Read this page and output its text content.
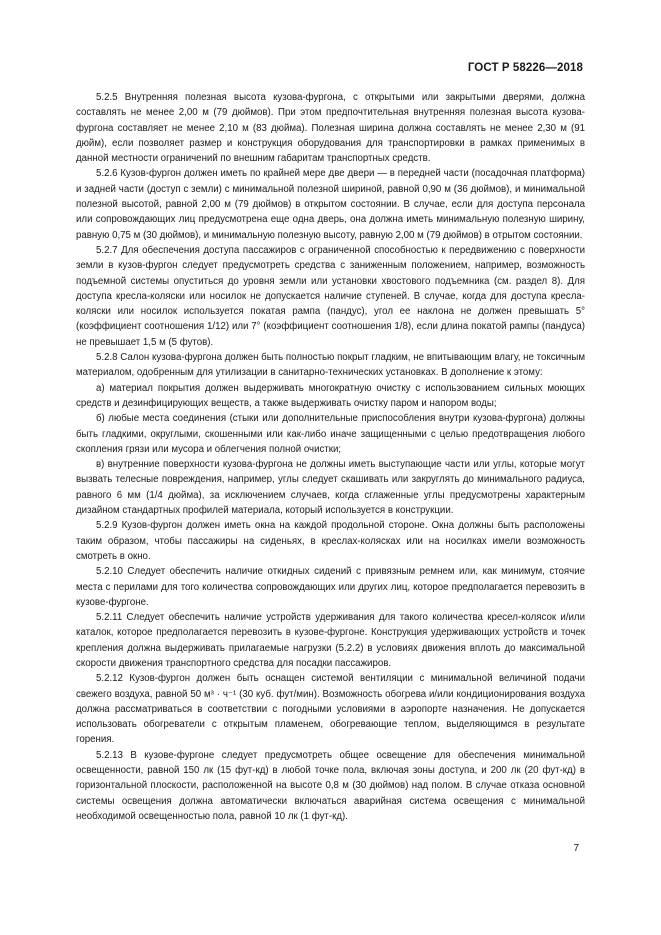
ГОСТ Р 58226—2018

5.2.5 Внутренняя полезная высота кузова-фургона, с открытыми или закрытыми дверями, должна составлять не менее 2,00 м (79 дюймов). При этом предпочтительная внутренняя полезная высота кузова-фургона составляет не менее 2,10 м (83 дюйма). Полезная ширина должна составлять не менее 2,30 м (91 дюйм), если позволяет размер и конструкция оборудования для транспортировки в рамках применимых в данной местности ограничений по внешним габаритам транспортных средств.

5.2.6 Кузов-фургон должен иметь по крайней мере две двери — в передней части (посадочная платформа) и задней части (доступ с земли) с минимальной полезной шириной, равной 0,90 м (36 дюймов), и минимальной полезной высотой, равной 2,00 м (79 дюймов) в открытом состоянии. В случае, если для доступа персонала или сопровождающих лиц предусмотрена еще одна дверь, она должна иметь минимальную полезную ширину, равную 0,75 м (30 дюймов), и минимальную полезную высоту, равную 2,00 м (79 дюймов) в отрытом состоянии.

5.2.7 Для обеспечения доступа пассажиров с ограниченной способностью к передвижению с поверхности земли в кузов-фургон следует предусмотреть средства с заниженным положением, например, возможность подъемной системы опуститься до уровня земли или установки хвостового подъемника (см. раздел 8). Для доступа кресла-коляски или носилок не допускается наличие ступеней. В случае, когда для доступа кресла-коляски или носилок используется покатая рампа (пандус), угол ее наклона не должен превышать 5° (коэффициент соотношения 1/12) или 7° (коэффициент соотношения 1/8), если длина покатой рампы (пандуса) не превышает 1,5 м (5 футов).

5.2.8 Салон кузова-фургона должен быть полностью покрыт гладким, не впитывающим влагу, не токсичным материалом, одобренным для утилизации в санитарно-технических установках. В дополнение к этому:

а) материал покрытия должен выдерживать многократную очистку с использованием сильных моющих средств и дезинфицирующих веществ, а также выдерживать очистку паром и напором воды;

б) любые места соединения (стыки или дополнительные приспособления внутри кузова-фургона) должны быть гладкими, округлыми, скошенными или как-либо иначе защищенными с целью предотвращения любого скопления грязи или мусора и облегчения полной очистки;

в) внутренние поверхности кузова-фургона не должны иметь выступающие части или углы, которые могут вызвать телесные повреждения, например, углы следует скашивать или закруглять до минимального радиуса, равного 6 мм (1/4 дюйма), за исключением случаев, когда сглаженные углы предусмотрены характерным дизайном стандартных профилей материала, который используется в конструкции.

5.2.9 Кузов-фургон должен иметь окна на каждой продольной стороне. Окна должны быть расположены таким образом, чтобы пассажиры на сиденьях, в креслах-колясках или на носилках имели возможность смотреть в окно.

5.2.10 Следует обеспечить наличие откидных сидений с привязным ремнем или, как минимум, стоячие места с перилами для того количества сопровождающих или других лиц, которое предполагается перевозить в кузове-фургоне.

5.2.11 Следует обеспечить наличие устройств удерживания для такого количества кресел-колясок и/или каталок, которое предполагается перевозить в кузове-фургоне. Конструкция удерживающих устройств и точек крепления должна выдерживать прилагаемые нагрузки (5.2.2) в условиях движения вплоть до максимальной скорости движения транспортного средства для посадки пассажиров.

5.2.12 Кузов-фургон должен быть оснащен системой вентиляции с минимальной величиной подачи свежего воздуха, равной 50 м³ · ч⁻¹ (30 куб. фут/мин). Возможность обогрева и/или кондиционирования воздуха должна рассматриваться в соответствии с погодными условиями в аэропорте назначения. Не допускается использовать обогреватели с открытым пламенем, обогревающие теплом, выделяющимся в результате горения.

5.2.13 В кузове-фургоне следует предусмотреть общее освещение для обеспечения минимальной освещенности, равной 150 лк (15 фут-кд) в любой точке пола, включая зоны доступа, и 200 лк (20 фут-кд) в горизонтальной плоскости, расположенной на высоте 0,8 м (30 дюймов) над полом. В случае отказа основной системы освещения должна автоматически включаться аварийная система освещения с минимальной необходимой освещенностью пола, равной 10 лк (1 фут-кд).

7
